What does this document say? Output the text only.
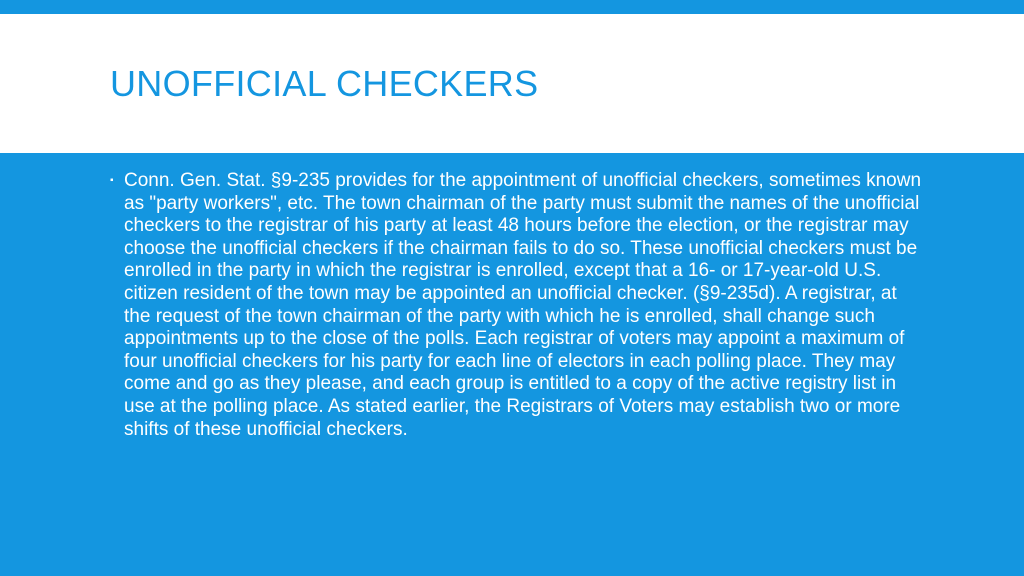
UNOFFICIAL CHECKERS
▪ Conn. Gen. Stat. §9-235 provides for the appointment of unofficial checkers, sometimes known as "party workers", etc. The town chairman of the party must submit the names of the unofficial checkers to the registrar of his party at least 48 hours before the election, or the registrar may choose the unofficial checkers if the chairman fails to do so. These unofficial checkers must be enrolled in the party in which the registrar is enrolled, except that a 16- or 17-year-old U.S. citizen resident of the town may be appointed an unofficial checker. (§9-235d). A registrar, at the request of the town chairman of the party with which he is enrolled, shall change such appointments up to the close of the polls. Each registrar of voters may appoint a maximum of four unofficial checkers for his party for each line of electors in each polling place. They may come and go as they please, and each group is entitled to a copy of the active registry list in use at the polling place. As stated earlier, the Registrars of Voters may establish two or more shifts of these unofficial checkers.
